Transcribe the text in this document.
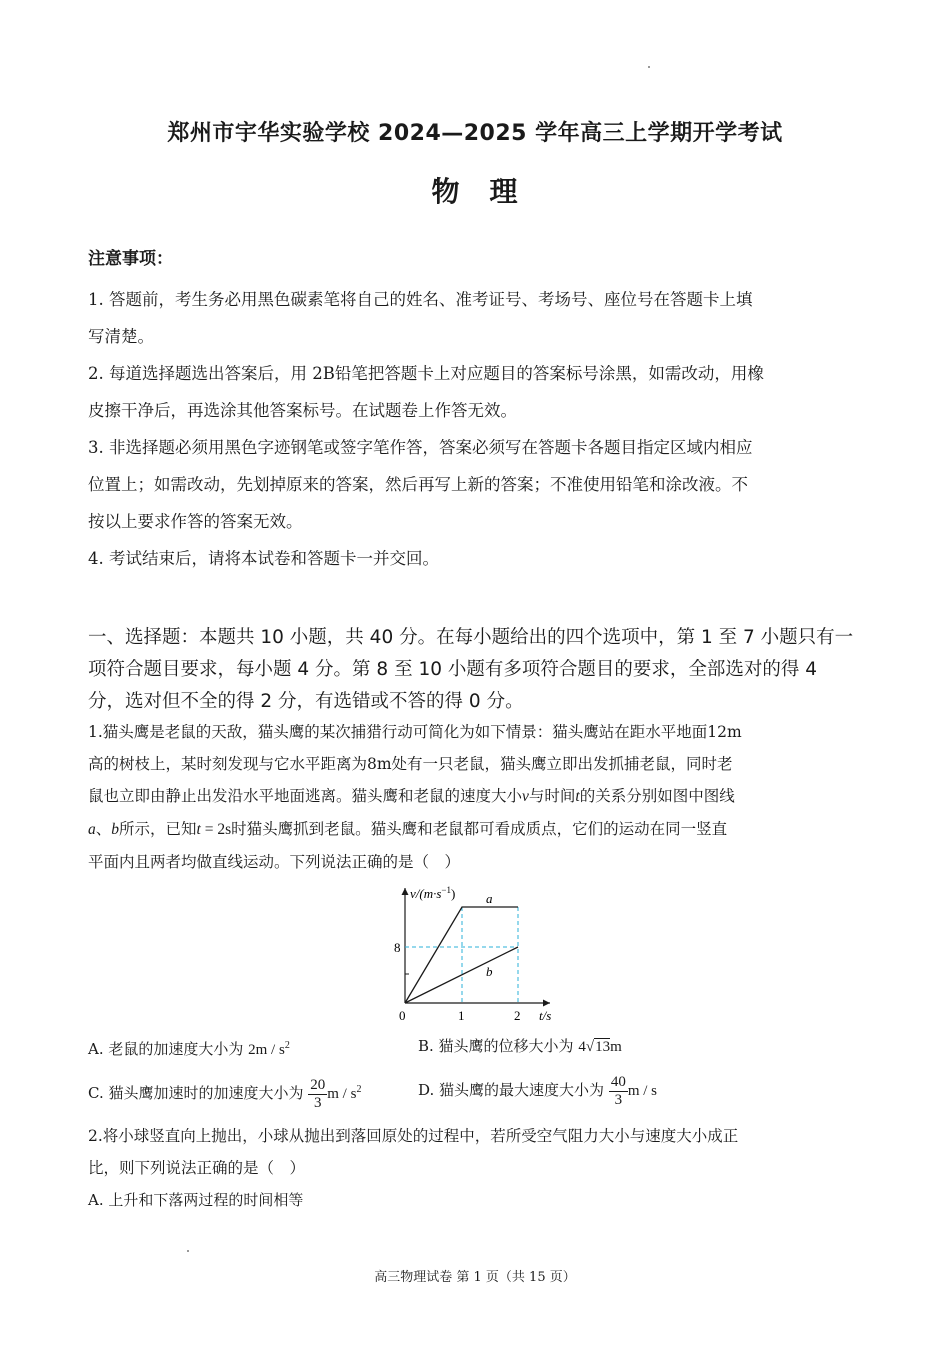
郑州市宇华实验学校 2024—2025 学年高三上学期开学考试
物　理
注意事项：
1. 答题前，考生务必用黑色碳素笔将自己的姓名、准考证号、考场号、座位号在答题卡上填
写清楚。
2. 每道选择题选出答案后，用 2B铅笔把答题卡上对应题目的答案标号涂黑，如需改动，用橡
皮擦干净后，再选涂其他答案标号。在试题卷上作答无效。
3. 非选择题必须用黑色字迹钢笔或签字笔作答，答案必须写在答题卡各题目指定区域内相应
位置上；如需改动，先划掉原来的答案，然后再写上新的答案；不准使用铅笔和涂改液。不
按以上要求作答的答案无效。
4. 考试结束后，请将本试卷和答题卡一并交回。
一、选择题：本题共 10 小题，共 40 分。在每小题给出的四个选项中，第 1 至 7 小题只有一
项符合题目要求，每小题 4 分。第 8 至 10 小题有多项符合题目的要求，全部选对的得 4
分，选对但不全的得 2 分，有选错或不答的得 0 分。
1.猫头鹰是老鼠的天敌，猫头鹰的某次捕猎行动可简化为如下情景：猫头鹰站在距水平地面12m
高的树枝上，某时刻发现与它水平距离为8m处有一只老鼠，猫头鹰立即出发抓捕老鼠，同时老
鼠也立即由静止出发沿水平地面逃离。猫头鹰和老鼠的速度大小v与时间t的关系分别如图中图线
a、b所示，已知t = 2s时猫头鹰抓到老鼠。猫头鹰和老鼠都可看成质点，它们的运动在同一竖直
平面内且两者均做直线运动。下列说法正确的是（　）
$v/(m\cdot s^{-1})$
t/s
0	1	2
8
a
b
A. 老鼠的加速度大小为 $2m / s^2$	B. 猫头鹰的位移大小为 4√13m
C. 猫头鹰加速时的加速度大小为 $\frac{20}{3}$ m / $s^2$	D. 猫头鹰的最大速度大小为 $\frac{40}{3}$ m / s
2.将小球竖直向上抛出，小球从抛出到落回原处的过程中，若所受空气阻力大小与速度大小成正
比，则下列说法正确的是（　）
A. 上升和下落两过程的时间相等
高三物理试卷 第 1 页（共 15 页）
